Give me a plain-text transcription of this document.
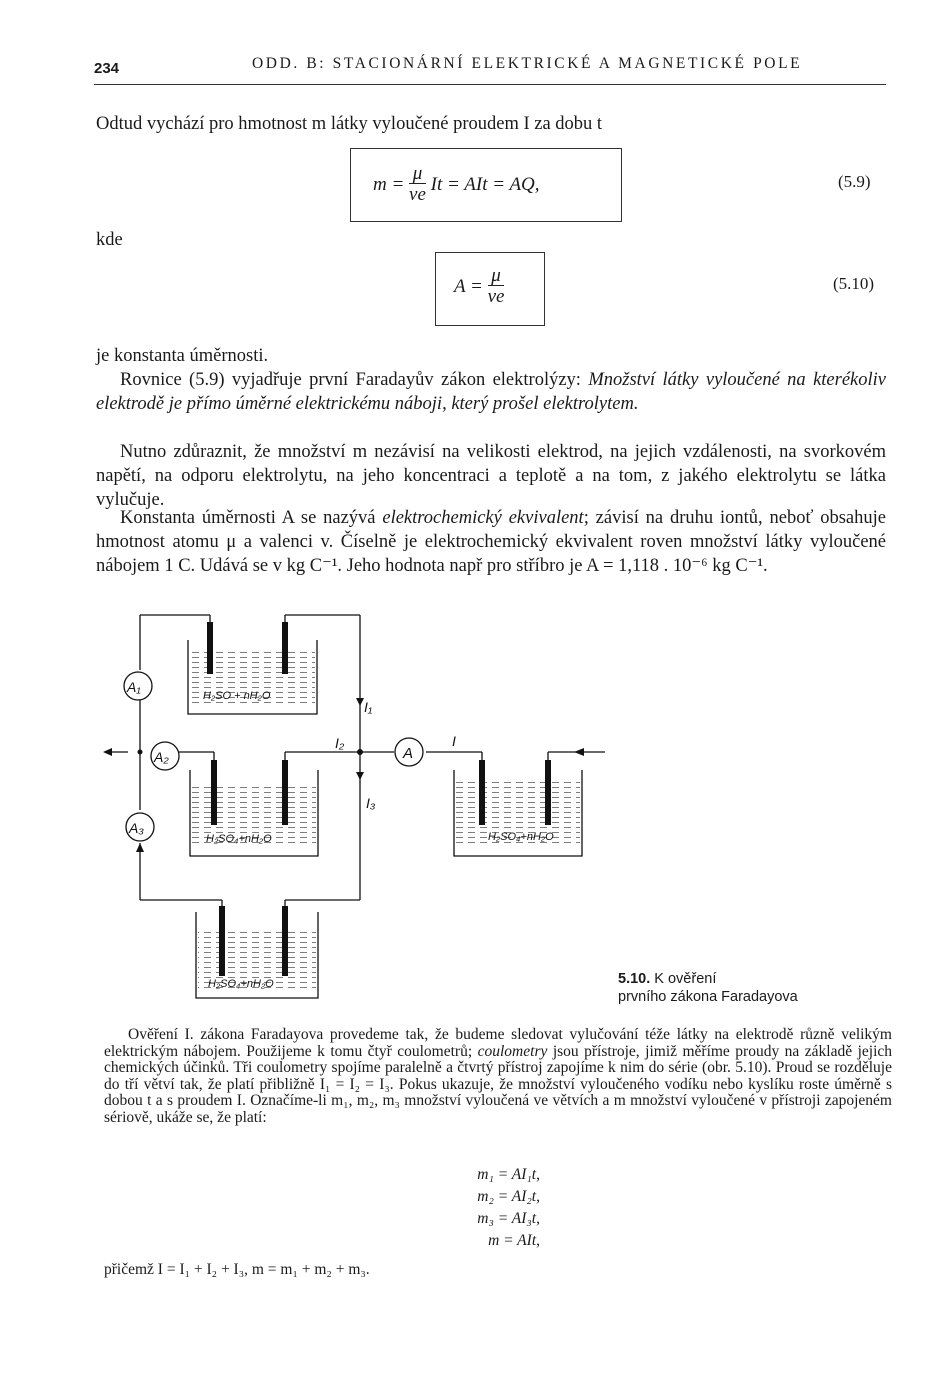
234	ODD. B: STACIONÁRNÍ ELEKTRICKÉ A MAGNETICKÉ POLE
Odtud vychází pro hmotnost m látky vyloučené proudem I za dobu t
$m = \frac{\mu}{ve}$ It = AIt = AQ,	(5.9)
kde
$A = \frac{\mu}{ve}$	(5.10)
je konstanta úměrnosti.
Rovnice (5.9) vyjadřuje první Faradayův zákon elektrolýzy: Množství látky vyloučené na kterékoliv elektrodě je přímo úměrné elektrickému náboji, který prošel elektrolytem.
Nutno zdůraznit, že množství m nezávisí na velikosti elektrod, na jejich vzdálenosti, na svorkovém napětí, na odporu elektrolytu, na jeho koncentraci a teplotě a na tom, z jakého elektrolytu se látka vylučuje.
Konstanta úměrnosti A se nazývá elektrochemický ekvivalent; závisí na druhu iontů, neboť obsahuje hmotnost atomu μ a valenci v. Číselně je elektrochemický ekvivalent roven množství látky vyloučené nábojem 1 C. Udává se v kg C⁻¹. Jeho hodnota např pro stříbro je A = 1,118 . 10⁻⁶ kg C⁻¹.
A₁
A₂
A₃
A
I
I₁
I₂
I₃
H₂SO + nH₂O
H₂SO₄+nH₂O
H₂SO₄+nH₂O
H₂SO₄+nH₂O
5.10. K ověření
prvního zákona Faradayova
Ověření I. zákona Faradayova provedeme tak, že budeme sledovat vylučování téže látky na elektrodě různě velikým elektrickým nábojem. Použijeme k tomu čtyř coulometrů; coulometry jsou přístroje, jimiž měříme proudy na základě jejich chemických účinků. Tři coulometry spojíme paralelně a čtvrtý přístroj zapojíme k nim do série (obr. 5.10). Proud se rozděluje do tří větví tak, že platí přibližně I₁ = I₂ = I₃. Pokus ukazuje, že množství vyloučeného vodíku nebo kyslíku roste úměrně s dobou t a s proudem I. Označíme-li m₁, m₂, m₃ množství vyloučená ve větvích a m množství vyloučené v přístroji zapojeném sériově, ukáže se, že platí:
m₁ = AI₁t,
m₂ = AI₂t,
m₃ = AI₃t,
m = AIt,
přičemž I = I₁ + I₂ + I₃, m = m₁ + m₂ + m₃.
